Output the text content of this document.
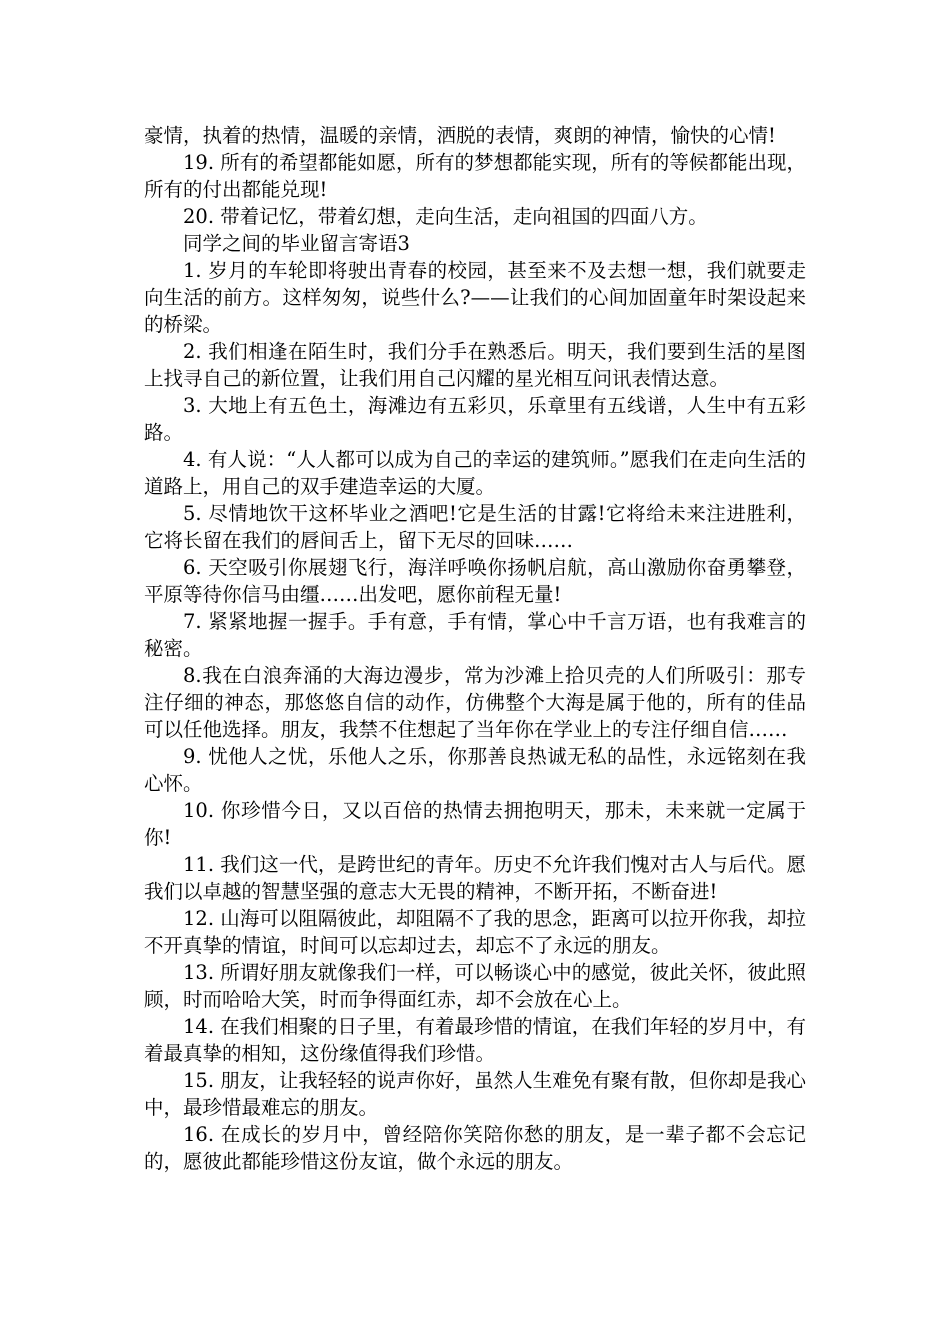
豪情，执着的热情，温暖的亲情，洒脱的表情，爽朗的神情，愉快的心情!

19. 所有的希望都能如愿，所有的梦想都能实现，所有的等候都能出现，所有的付出都能兑现!

20. 带着记忆，带着幻想，走向生活，走向祖国的四面八方。

同学之间的毕业留言寄语3

1. 岁月的车轮即将驶出青春的校园，甚至来不及去想一想，我们就要走向生活的前方。这样匆匆，说些什么?——让我们的心间加固童年时架设起来的桥梁。

2. 我们相逢在陌生时，我们分手在熟悉后。明天，我们要到生活的星图上找寻自己的新位置，让我们用自己闪耀的星光相互问讯表情达意。

3. 大地上有五色土，海滩边有五彩贝，乐章里有五线谱，人生中有五彩路。

4. 有人说：“人人都可以成为自己的幸运的建筑师。”愿我们在走向生活的道路上，用自己的双手建造幸运的大厦。

5. 尽情地饮干这杯毕业之酒吧!它是生活的甘露!它将给未来注进胜利，它将长留在我们的唇间舌上，留下无尽的回味……

6. 天空吸引你展翅飞行，海洋呼唤你扬帆启航，高山激励你奋勇攀登，平原等待你信马由缰……出发吧，愿你前程无量!

7. 紧紧地握一握手。手有意，手有情，掌心中千言万语，也有我难言的秘密。

8.我在白浪奔涌的大海边漫步，常为沙滩上拾贝壳的人们所吸引：那专注仔细的神态，那悠悠自信的动作，仿佛整个大海是属于他的，所有的佳品可以任他选择。朋友，我禁不住想起了当年你在学业上的专注仔细自信……

9. 忧他人之忧，乐他人之乐，你那善良热诚无私的品性，永远铭刻在我心怀。

10. 你珍惜今日，又以百倍的热情去拥抱明天，那未，未来就一定属于你!

11. 我们这一代，是跨世纪的青年。历史不允许我们愧对古人与后代。愿我们以卓越的智慧坚强的意志大无畏的精神，不断开拓，不断奋进!

12. 山海可以阻隔彼此，却阻隔不了我的思念，距离可以拉开你我，却拉不开真挚的情谊，时间可以忘却过去，却忘不了永远的朋友。

13. 所谓好朋友就像我们一样，可以畅谈心中的感觉，彼此关怀，彼此照顾，时而哈哈大笑，时而争得面红赤，却不会放在心上。

14. 在我们相聚的日子里，有着最珍惜的情谊，在我们年轻的岁月中，有着最真挚的相知，这份缘值得我们珍惜。

15. 朋友，让我轻轻的说声你好，虽然人生难免有聚有散，但你却是我心中，最珍惜最难忘的朋友。

16. 在成长的岁月中，曾经陪你笑陪你愁的朋友，是一辈子都不会忘记的，愿彼此都能珍惜这份友谊，做个永远的朋友。
